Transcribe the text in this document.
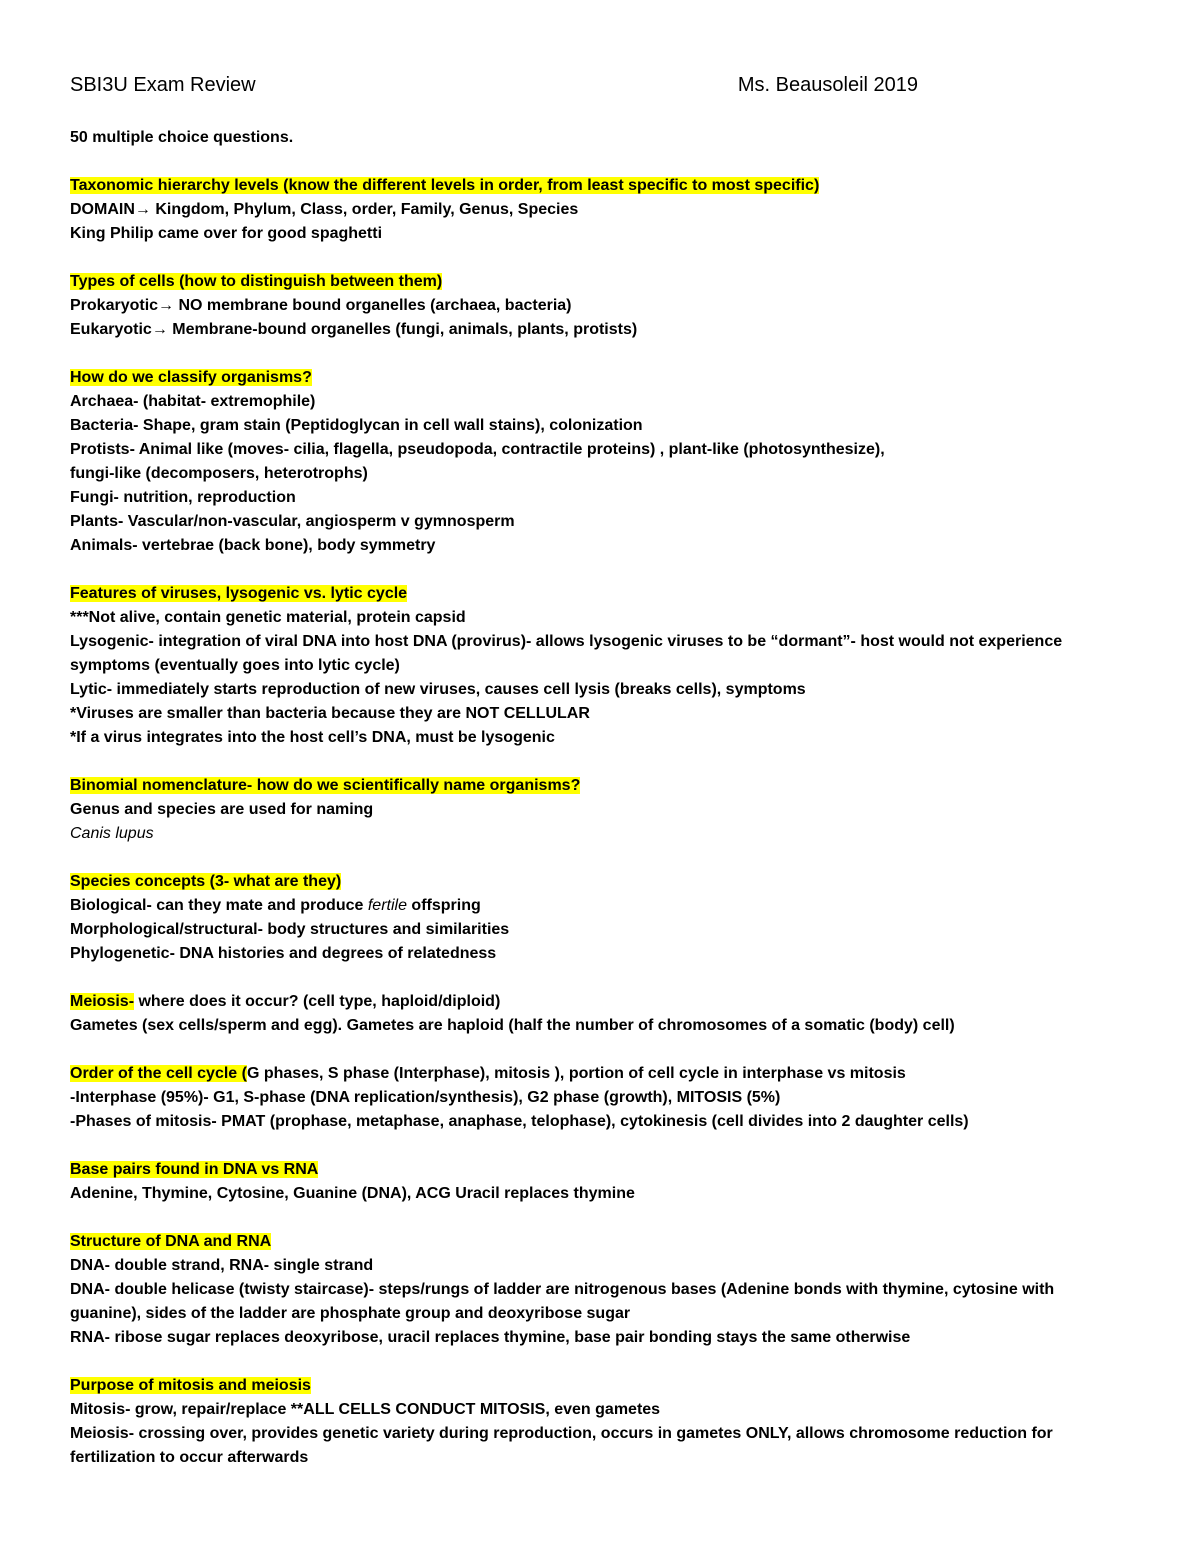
SBI3U Exam Review	Ms. Beausoleil 2019
50 multiple choice questions.
Taxonomic hierarchy levels (know the different levels in order, from least specific to most specific)
DOMAIN→ Kingdom, Phylum, Class, order, Family, Genus, Species
King Philip came over for good spaghetti
Types of cells (how to distinguish between them)
Prokaryotic→ NO membrane bound organelles (archaea, bacteria)
Eukaryotic→ Membrane-bound organelles (fungi, animals, plants, protists)
How do we classify organisms?
Archaea- (habitat- extremophile)
Bacteria- Shape, gram stain (Peptidoglycan in cell wall stains), colonization
Protists- Animal like (moves- cilia, flagella, pseudopoda, contractile proteins) , plant-like (photosynthesize),
fungi-like (decomposers, heterotrophs)
Fungi- nutrition, reproduction
Plants- Vascular/non-vascular, angiosperm v gymnosperm
Animals- vertebrae (back bone), body symmetry
Features of viruses, lysogenic vs. lytic cycle
***Not alive, contain genetic material, protein capsid
Lysogenic- integration of viral DNA into host DNA (provirus)- allows lysogenic viruses to be “dormant”- host would not experience
symptoms (eventually goes into lytic cycle)
Lytic- immediately starts reproduction of new viruses, causes cell lysis (breaks cells), symptoms
*Viruses are smaller than bacteria because they are NOT CELLULAR
*If a virus integrates into the host cell’s DNA, must be lysogenic
Binomial nomenclature- how do we scientifically name organisms?
Genus and species are used for naming
Canis lupus
Species concepts (3- what are they)
Biological- can they mate and produce fertile offspring
Morphological/structural- body structures and similarities
Phylogenetic- DNA histories and degrees of relatedness
Meiosis- where does it occur? (cell type, haploid/diploid)
Gametes (sex cells/sperm and egg). Gametes are haploid (half the number of chromosomes of a somatic (body) cell)
Order of the cell cycle (G phases, S phase (Interphase), mitosis ), portion of cell cycle in interphase vs mitosis
-Interphase (95%)- G1, S-phase (DNA replication/synthesis), G2 phase (growth), MITOSIS (5%)
-Phases of mitosis- PMAT (prophase, metaphase, anaphase, telophase), cytokinesis (cell divides into 2 daughter cells)
Base pairs found in DNA vs RNA
Adenine, Thymine, Cytosine, Guanine (DNA), ACG Uracil replaces thymine
Structure of DNA and RNA
DNA- double strand, RNA- single strand
DNA- double helicase (twisty staircase)- steps/rungs of ladder are nitrogenous bases (Adenine bonds with thymine, cytosine with
guanine), sides of the ladder are phosphate group and deoxyribose sugar
RNA- ribose sugar replaces deoxyribose, uracil replaces thymine, base pair bonding stays the same otherwise
Purpose of mitosis and meiosis
Mitosis- grow, repair/replace **ALL CELLS CONDUCT MITOSIS, even gametes
Meiosis- crossing over, provides genetic variety during reproduction, occurs in gametes ONLY, allows chromosome reduction for
fertilization to occur afterwards
